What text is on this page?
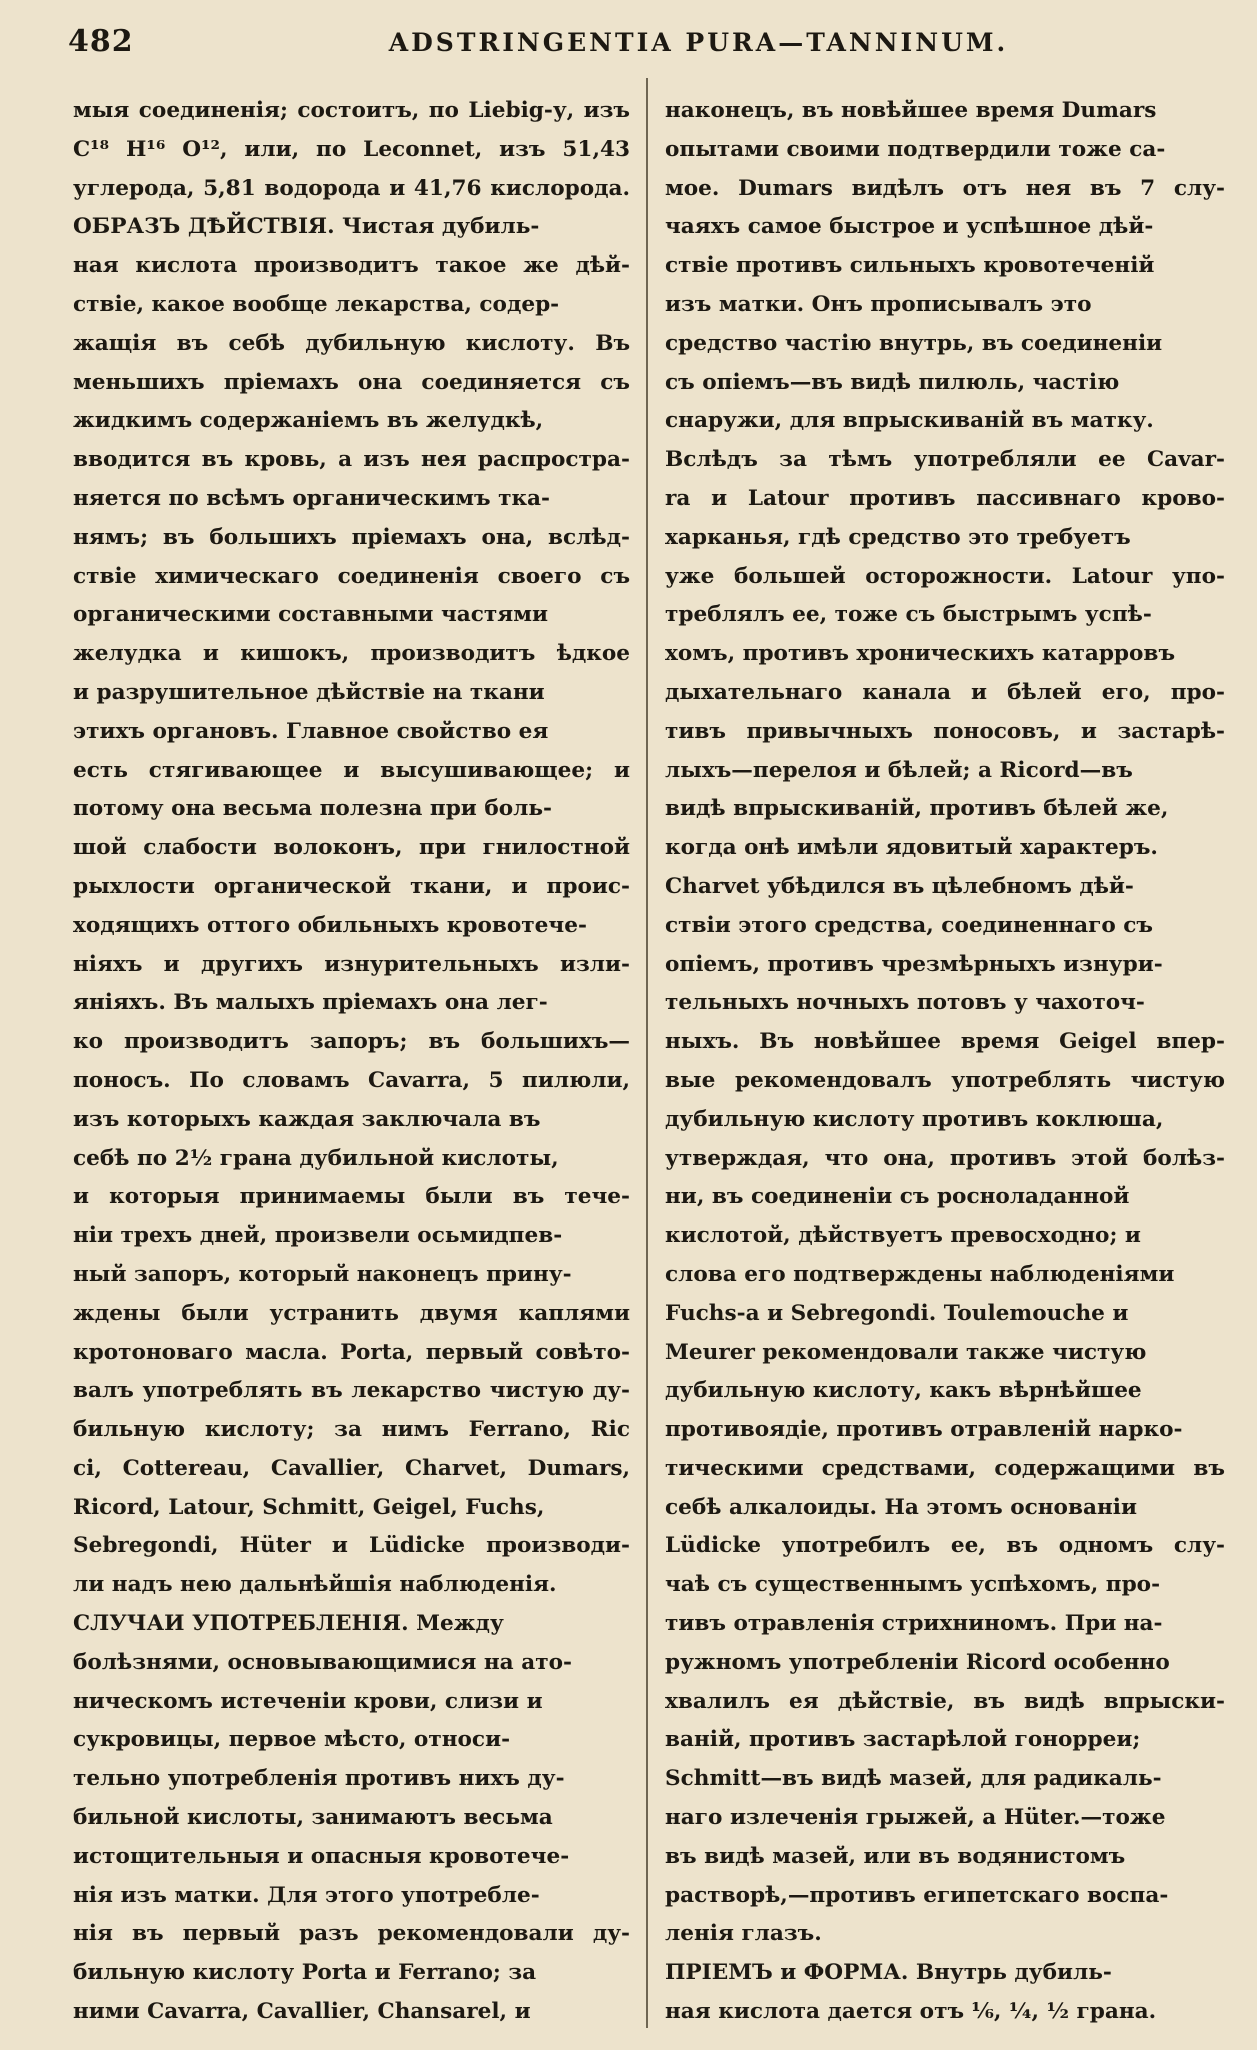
482	ADSTRINGENTIA PURA—TANNINUM.
мыя соединенія; состоитъ, по Liebig-у, изъ
C¹⁸ H¹⁶ O¹², или, по Leconnet, изъ 51,43
углерода, 5,81 водорода и 41,76 кислорода.
ОБРАЗЪ ДѢЙСТВІЯ. Чистая дубиль-
ная кислота производитъ такое же дѣй-
ствіе, какое вообще лекарства, содер-
жащія въ себѣ дубильную кислоту. Въ
меньшихъ пріемахъ она соединяется съ
жидкимъ содержаніемъ въ желудкѣ,
вводится въ кровь, а изъ нея распростра-
няется по всѣмъ органическимъ тка-
нямъ; въ большихъ пріемахъ она, вслѣд-
ствіе химическаго соединенія своего съ
органическими составными частями
желудка и кишокъ, производитъ ѣдкое
и разрушительное дѣйствіе на ткани
этихъ органовъ. Главное свойство ея
есть стягивающее и высушивающее; и
потому она весьма полезна при боль-
шой слабости волоконъ, при гнилостной
рыхлости органической ткани, и проис-
ходящихъ оттого обильныхъ кровотече-
ніяхъ и другихъ изнурительныхъ изли-
яніяхъ. Въ малыхъ пріемахъ она лег-
ко производитъ запоръ; въ большихъ—
поносъ. По словамъ Cavarra, 5 пилюли,
изъ которыхъ каждая заключала въ
себѣ по 2½ грана дубильной кислоты,
и которыя принимаемы были въ тече-
ніи трехъ дней, произвели осьмидпев-
ный запоръ, который наконецъ прину-
ждены были устранить двумя каплями
кротоноваго масла. Porta, первый совѣто-
валъ употреблять въ лекарство чистую ду-
бильную кислоту; за нимъ Ferrano, Ric
ci, Cottereau, Cavallier, Charvet, Dumars,
Ricord, Latour, Schmitt, Geigel, Fuchs,
Sebregondi, Hüter и Lüdicke производи-
ли надъ нею дальнѣйшія наблюденія.
СЛУЧАИ УПОТРЕБЛЕНІЯ. Между
болѣзнями, основывающимися на ато-
ническомъ истеченіи крови, слизи и
сукровицы, первое мѣсто, относи-
тельно употребленія противъ нихъ ду-
бильной кислоты, занимаютъ весьма
истощительныя и опасныя кровотече-
нія изъ матки. Для этого употребле-
нія въ первый разъ рекомендовали ду-
бильную кислоту Porta и Ferrano; за
ними Cavarra, Cavallier, Chansarel, и
наконецъ, въ новѣйшее время Dumars
опытами своими подтвердили тоже са-
мое. Dumars видѣлъ отъ нея въ 7 слу-
чаяхъ самое быстрое и успѣшное дѣй-
ствіе противъ сильныхъ кровотеченій
изъ матки. Онъ прописывалъ это
средство частію внутрь, въ соединеніи
съ опіемъ—въ видѣ пилюль, частію
снаружи, для впрыскиваній въ матку.
Вслѣдъ за тѣмъ употребляли ее Cavar-
ra и Latour противъ пассивнаго крово-
харканья, гдѣ средство это требуетъ
уже большей осторожности. Latour упо-
треблялъ ее, тоже съ быстрымъ успѣ-
хомъ, противъ хроническихъ катарровъ
дыхательнаго канала и бѣлей его, про-
тивъ привычныхъ поносовъ, и застарѣ-
лыхъ—перелоя и бѣлей; а Ricord—въ
видѣ впрыскиваній, противъ бѣлей же,
когда онѣ имѣли ядовитый характеръ.
Charvet убѣдился въ цѣлебномъ дѣй-
ствіи этого средства, соединеннаго съ
опіемъ, противъ чрезмѣрныхъ изнури-
тельныхъ ночныхъ потовъ у чахоточ-
ныхъ. Въ новѣйшее время Geigel впер-
вые рекомендовалъ употреблять чистую
дубильную кислоту противъ коклюша,
утверждая, что она, противъ этой болѣз-
ни, въ соединеніи съ росноладанной
кислотой, дѣйствуетъ превосходно; и
слова его подтверждены наблюденіями
Fuchs-а и Sebregondi. Toulemouche и
Meurer рекомендовали также чистую
дубильную кислоту, какъ вѣрнѣйшее
противоядіе, противъ отравленій нарко-
тическими средствами, содержащими въ
себѣ алкалоиды. На этомъ основаніи
Lüdicke употребилъ ее, въ одномъ слу-
чаѣ съ существеннымъ успѣхомъ, про-
тивъ отравленія стрихниномъ. При на-
ружномъ употребленіи Ricord особенно
хвалилъ ея дѣйствіе, въ видѣ впрыски-
ваній, противъ застарѣлой гонорреи;
Schmitt—въ видѣ мазей, для радикаль-
наго излеченія грыжей, а Hüter.—тоже
въ видѣ мазей, или въ водянистомъ
растворѣ,—противъ египетскаго воспа-
ленія глазъ.
ПРІЕМЪ и ФОРМА. Внутрь дубиль-
ная кислота дается отъ ⅙, ¼, ½ грана.
